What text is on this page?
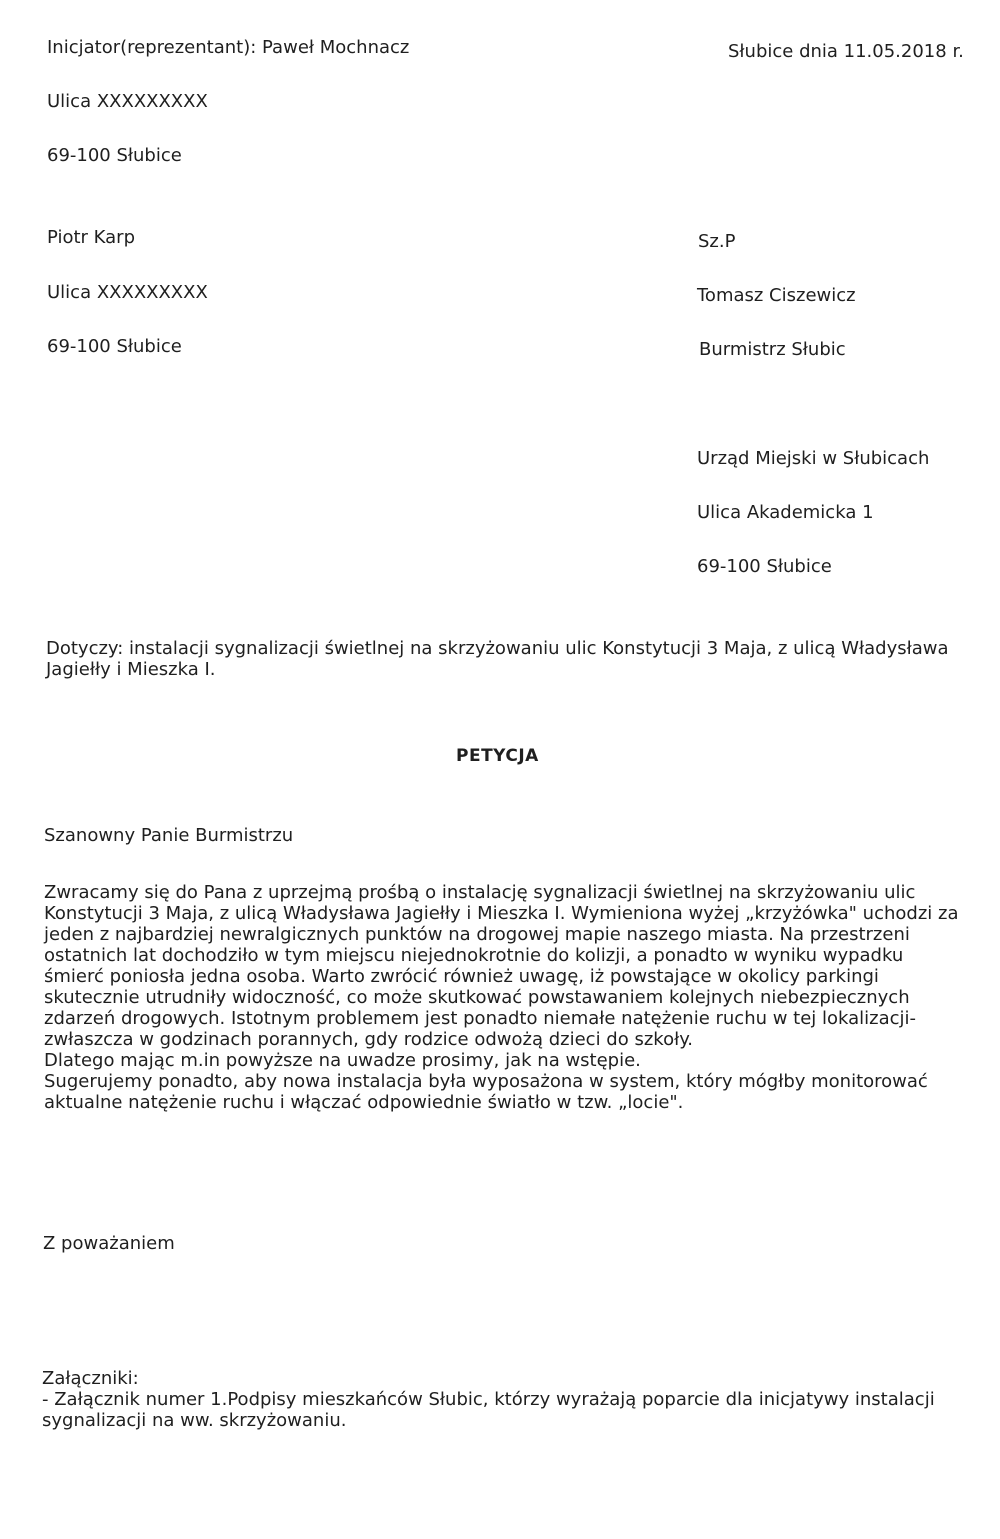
Inicjator(reprezentant): Paweł Mochnacz
Ulica XXXXXXXXX
69-100 Słubice
Słubice dnia 11.05.2018 r.
Piotr Karp
Ulica XXXXXXXXX
69-100 Słubice
Sz.P
Tomasz Ciszewicz
Burmistrz Słubic
Urząd Miejski w Słubicach
Ulica Akademicka 1
69-100 Słubice
Dotyczy: instalacji sygnalizacji świetlnej na skrzyżowaniu ulic Konstytucji 3 Maja, z ulicą Władysława
Jagiełły i Mieszka I.
PETYCJA
Szanowny Panie Burmistrzu
Zwracamy się do Pana z uprzejmą prośbą o instalację sygnalizacji świetlnej na skrzyżowaniu ulic
Konstytucji 3 Maja, z ulicą Władysława Jagiełły i Mieszka I. Wymieniona wyżej „krzyżówka" uchodzi za
jeden z najbardziej newralgicznych punktów na drogowej mapie naszego miasta. Na przestrzeni
ostatnich lat dochodziło w tym miejscu niejednokrotnie do kolizji, a ponadto w wyniku wypadku
śmierć poniosła jedna osoba. Warto zwrócić również uwagę, iż powstające w okolicy parkingi
skutecznie utrudniły widoczność, co może skutkować powstawaniem kolejnych niebezpiecznych
zdarzeń drogowych. Istotnym problemem jest ponadto niemałe natężenie ruchu w tej lokalizacji-
zwłaszcza w godzinach porannych, gdy rodzice odwożą dzieci do szkoły.
Dlatego mając m.in powyższe na uwadze prosimy, jak na wstępie.
Sugerujemy ponadto, aby nowa instalacja była wyposażona w system, który mógłby monitorować
aktualne natężenie ruchu i włączać odpowiednie światło w tzw. „locie".
Z poważaniem
Załączniki:
- Załącznik numer 1.Podpisy mieszkańców Słubic, którzy wyrażają poparcie dla inicjatywy instalacji
sygnalizacji na ww. skrzyżowaniu.
